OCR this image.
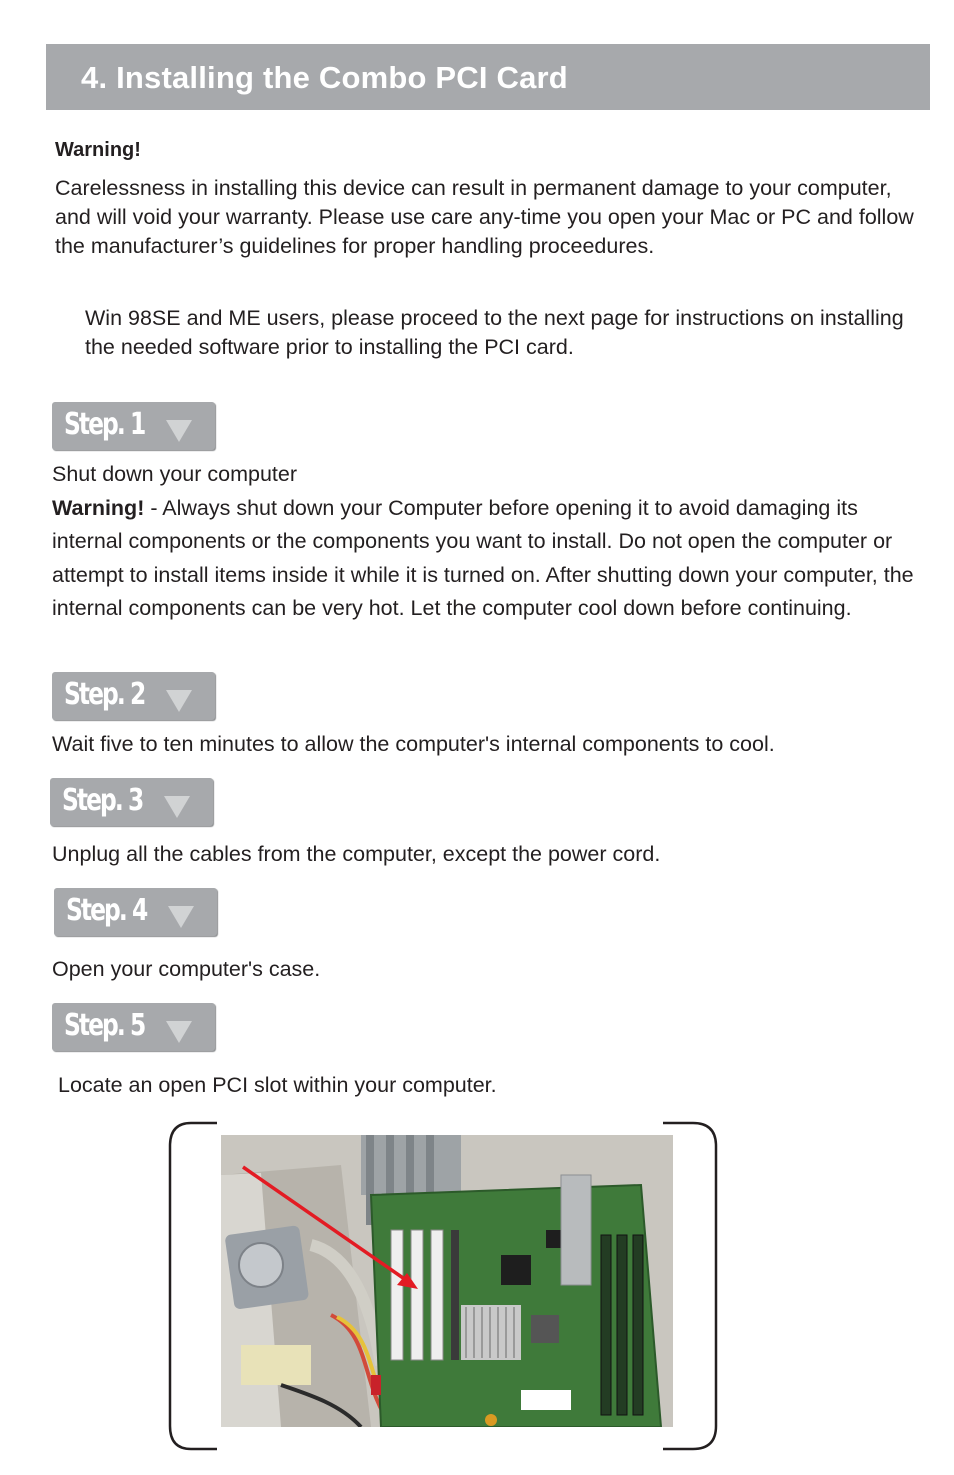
4. Installing the Combo PCI Card
Warning!

Carelessness in installing this device can result in permanent damage to your computer, and will void your warranty. Please use care any-time you open your Mac or PC and follow the manufacturer’s guidelines for proper handling proceedures.

Win 98SE and ME users, please proceed to the next page for instructions on installing the needed software prior to installing the PCI card.

Step. 1
Shut down your computer
Warning! - Always shut down your Computer before opening it to avoid damaging its internal components or the components you want to install. Do not open the computer or attempt to install items inside it while it is turned on. After shutting down your computer, the internal components can be very hot. Let the computer cool down before continuing.
Step. 2
Wait five to ten minutes to allow the computer's internal components to cool.
Step. 3
Unplug all the cables from the computer, except the power cord.
Step. 4
Open your computer's case.
Step. 5
Locate an open PCI slot within your computer.
